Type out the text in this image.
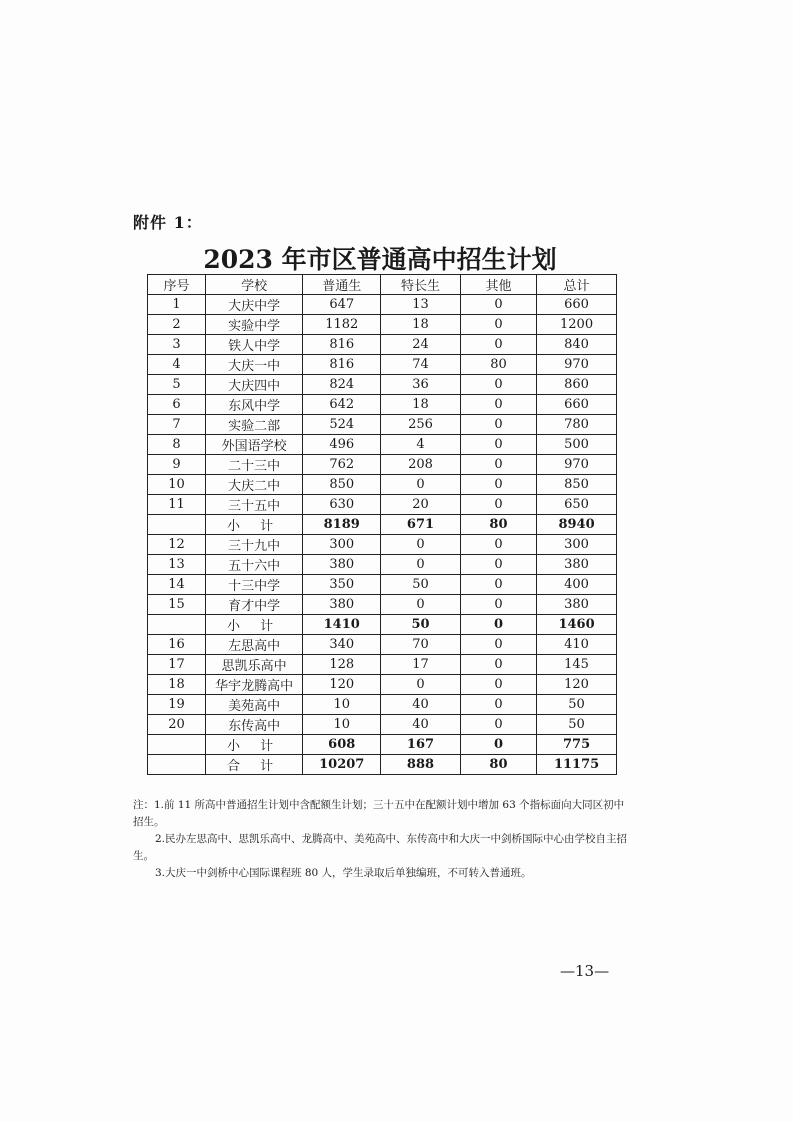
附件 1：
2023 年市区普通高中招生计划
序号	学校	普通生	特长生	其他	总计
1	大庆中学	647	13	0	660
2	实验中学	1182	18	0	1200
3	铁人中学	816	24	0	840
4	大庆一中	816	74	80	970
5	大庆四中	824	36	0	860
6	东风中学	642	18	0	660
7	实验二部	524	256	0	780
8	外国语学校	496	4	0	500
9	二十三中	762	208	0	970
10	大庆二中	850	0	0	850
11	三十五中	630	20	0	650
	小 计	8189	671	80	8940
12	三十九中	300	0	0	300
13	五十六中	380	0	0	380
14	十三中学	350	50	0	400
15	育才中学	380	0	0	380
	小 计	1410	50	0	1460
16	左思高中	340	70	0	410
17	思凯乐高中	128	17	0	145
18	华宇龙腾高中	120	0	0	120
19	美苑高中	10	40	0	50
20	东传高中	10	40	0	50
	小 计	608	167	0	775
	合 计	10207	888	80	11175

注：1.前 11 所高中普通招生计划中含配额生计划；三十五中在配额计划中增加 63 个指标面向大同区初中招生。

2.民办左思高中、思凯乐高中、龙腾高中、美苑高中、东传高中和大庆一中剑桥国际中心由学校自主招生。

3.大庆一中剑桥中心国际课程班 80 人，学生录取后单独编班，不可转入普通班。

—13—
